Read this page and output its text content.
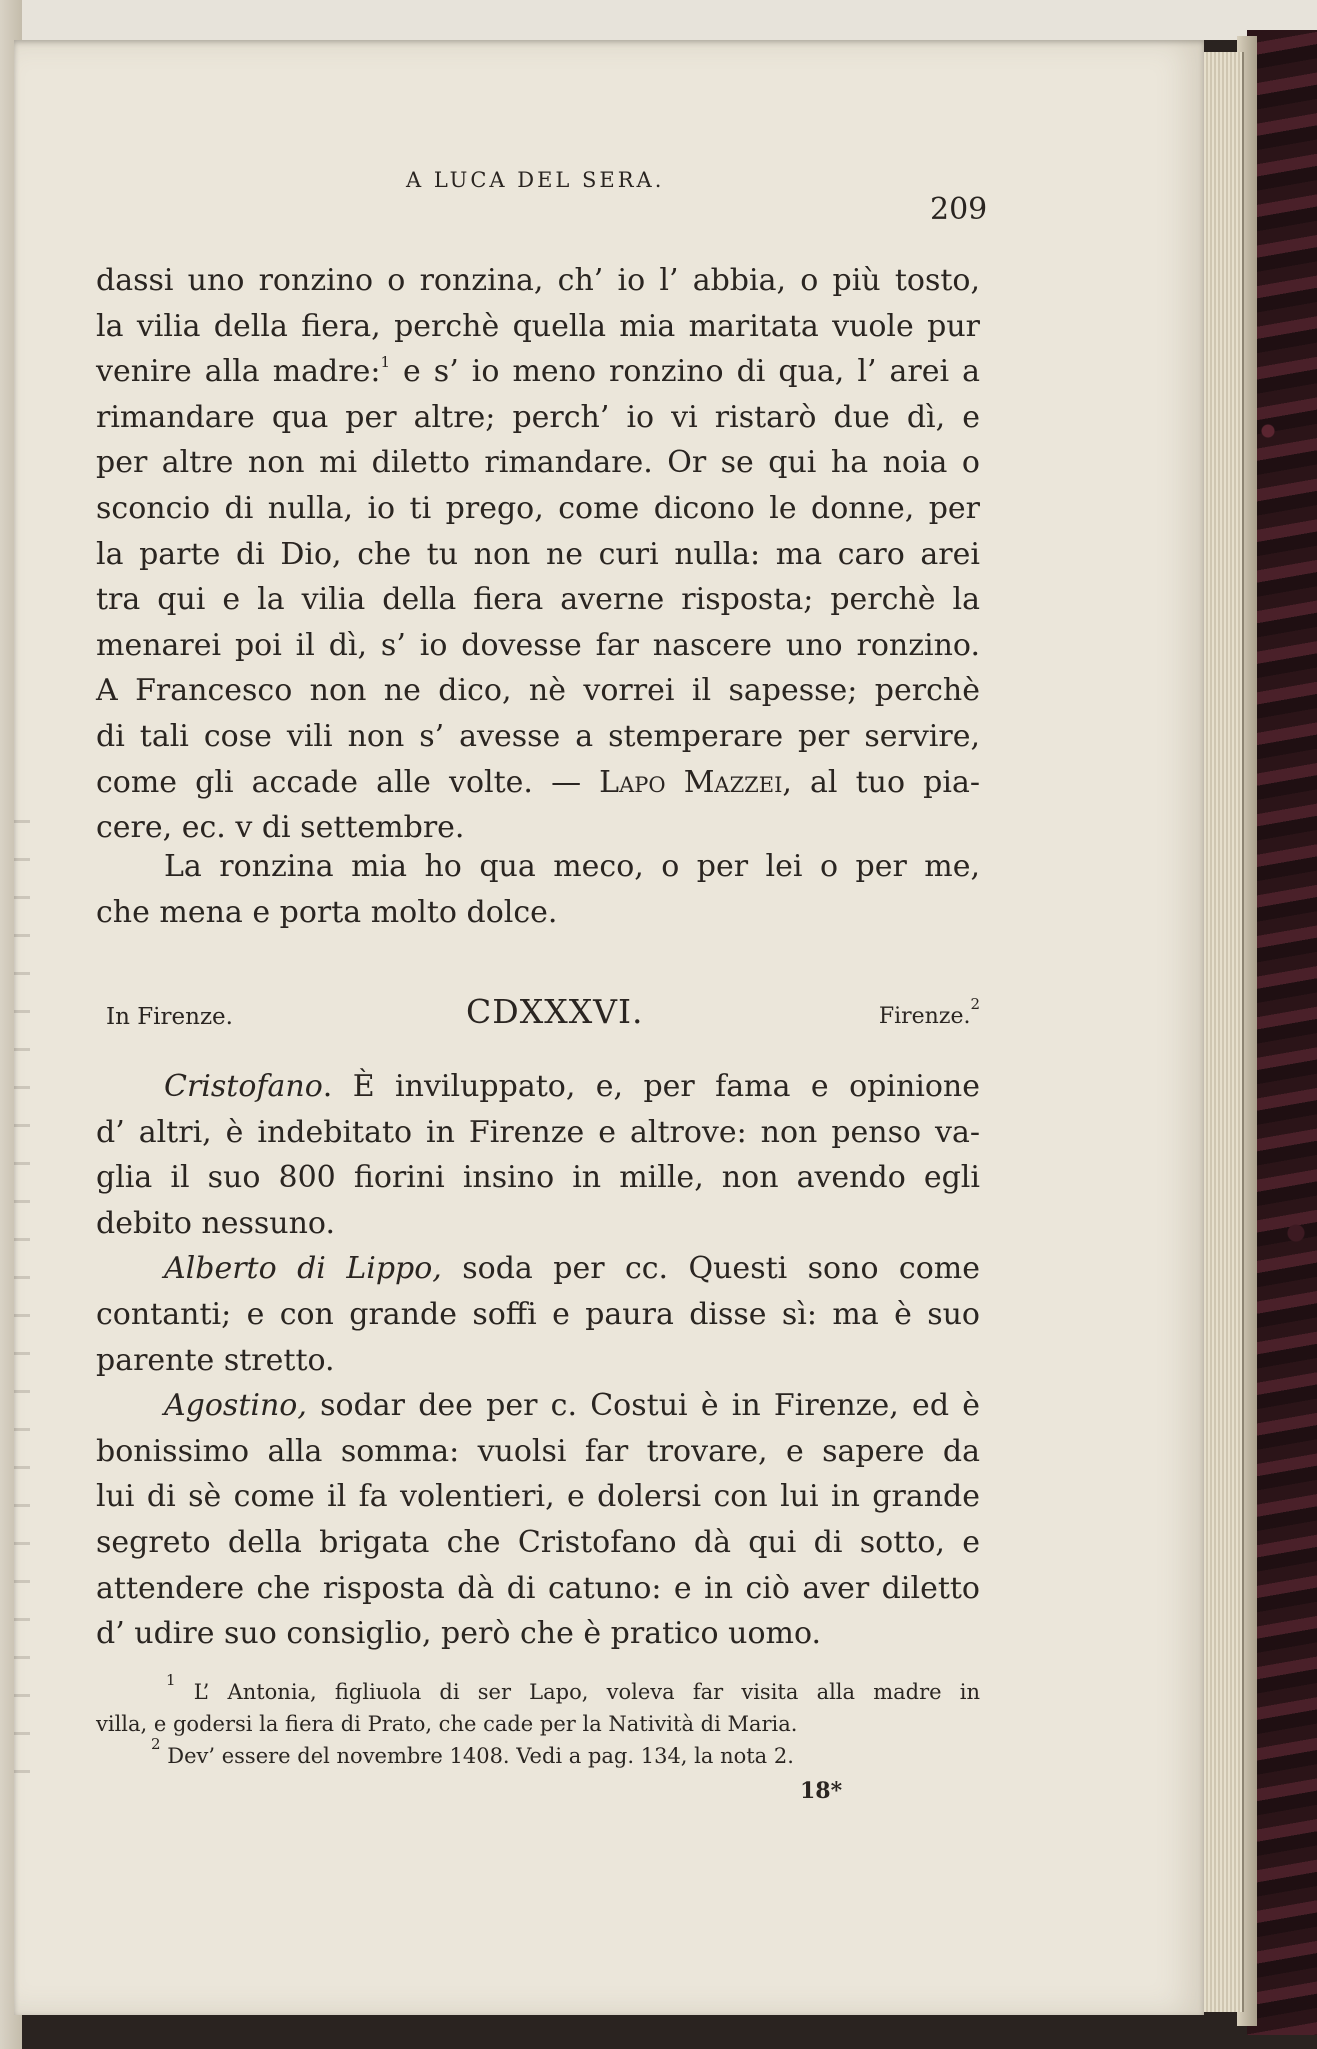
A LUCA DEL SERA.
209
dassi uno ronzino o ronzina, ch’ io l’ abbia, o più tosto,
la vilia della fiera, perchè quella mia maritata vuole pur
venire alla madre:$^1$ e s’ io meno ronzino di qua, l’ arei a
rimandare qua per altre; perch’ io vi ristarò due dì, e
per altre non mi diletto rimandare. Or se qui ha noia o
sconcio di nulla, io ti prego, come dicono le donne, per
la parte di Dio, che tu non ne curi nulla: ma caro arei
tra qui e la vilia della fiera averne risposta; perchè la
menarei poi il dì, s’ io dovesse far nascere uno ronzino.
A Francesco non ne dico, nè vorrei il sapesse; perchè
di tali cose vili non s’ avesse a stemperare per servire,
come gli accade alle volte. — Lapo Mazzei, al tuo pia-
cere, ec. v di settembre.
La ronzina mia ho qua meco, o per lei o per me,
che mena e porta molto dolce.
In Firenze.	CDXXXVI.	Firenze.$^2$
Cristofano. È inviluppato, e, per fama e opinione
d’ altri, è indebitato in Firenze e altrove: non penso va-
glia il suo 800 fiorini insino in mille, non avendo egli
debito nessuno.
Alberto di Lippo, soda per cc. Questi sono come
contanti; e con grande soffi e paura disse sì: ma è suo
parente stretto.
Agostino, sodar dee per c. Costui è in Firenze, ed è
bonissimo alla somma: vuolsi far trovare, e sapere da
lui di sè come il fa volentieri, e dolersi con lui in grande
segreto della brigata che Cristofano dà qui di sotto, e
attendere che risposta dà di catuno: e in ciò aver diletto
d’ udire suo consiglio, però che è pratico uomo.
$^1$ L’ Antonia, figliuola di ser Lapo, voleva far visita alla madre in
villa, e godersi la fiera di Prato, che cade per la Natività di Maria.
$^2$ Dev’ essere del novembre 1408. Vedi a pag. 134, la nota 2.
18*
